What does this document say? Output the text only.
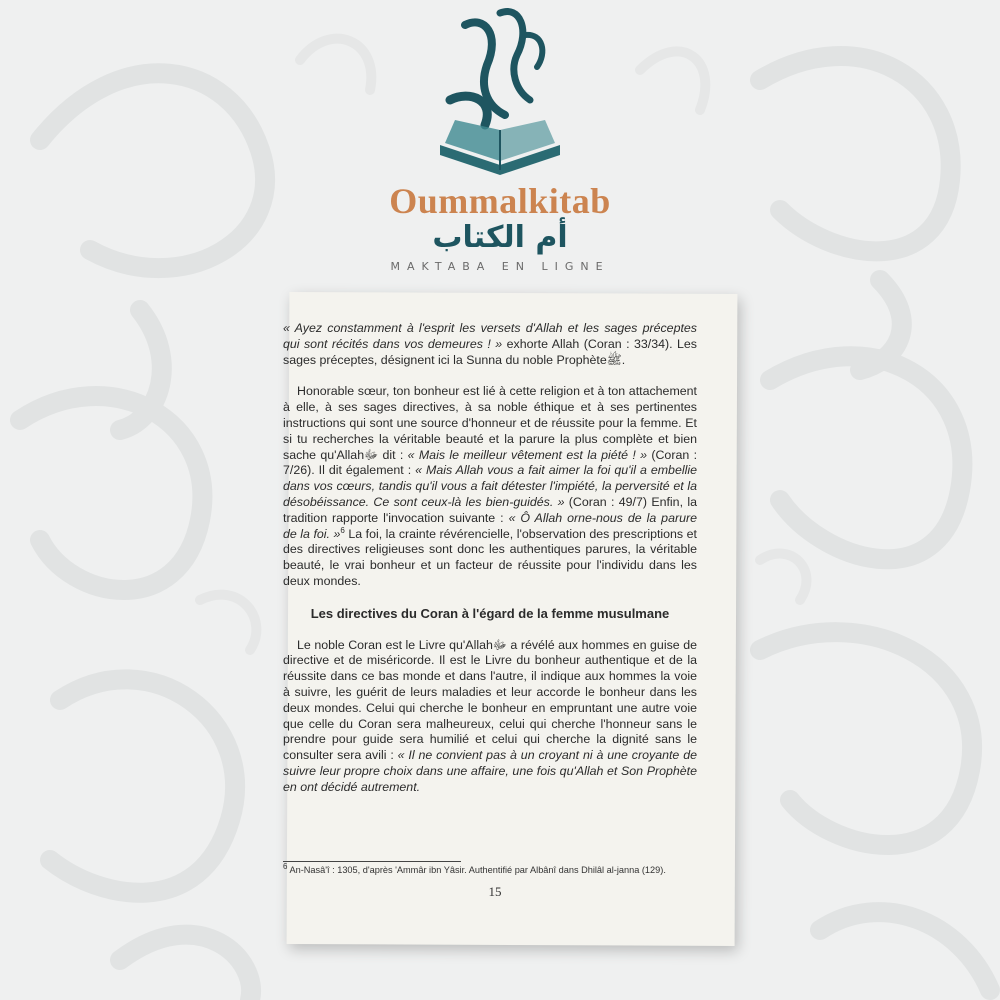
Oummalkitab
أم الكتاب
MAKTABA EN LIGNE

« Ayez constamment à l'esprit les versets d'Allah et les sages préceptes qui sont récités dans vos demeures ! » exhorte Allah (Coran : 33/34). Les sages préceptes, désignent ici la Sunna du noble Prophèteﷺ.

Honorable sœur, ton bonheur est lié à cette religion et à ton attachement à elle, à ses sages directives, à sa noble éthique et à ses pertinentes instructions qui sont une source d'honneur et de réussite pour la femme. Et si tu recherches la véritable beauté et la parure la plus complète et bien sache qu'Allahﷻ dit : « Mais le meilleur vêtement est la piété ! » (Coran : 7/26). Il dit également : « Mais Allah vous a fait aimer la foi qu'il a embellie dans vos cœurs, tandis qu'il vous a fait détester l'impiété, la perversité et la désobéissance. Ce sont ceux-là les bien-guidés. » (Coran : 49/7) Enfin, la tradition rapporte l'invocation suivante : « Ô Allah orne-nous de la parure de la foi. »$^6$ La foi, la crainte révérencielle, l'observation des prescriptions et des directives religieuses sont donc les authentiques parures, la véritable beauté, le vrai bonheur et un facteur de réussite pour l'individu dans les deux mondes.

Les directives du Coran à l'égard de la femme musulmane

Le noble Coran est le Livre qu'Allahﷻ a révélé aux hommes en guise de directive et de miséricorde. Il est le Livre du bonheur authentique et de la réussite dans ce bas monde et dans l'autre, il indique aux hommes la voie à suivre, les guérit de leurs maladies et leur accorde le bonheur dans les deux mondes. Celui qui cherche le bonheur en empruntant une autre voie que celle du Coran sera malheureux, celui qui cherche l'honneur sans le prendre pour guide sera humilié et celui qui cherche la dignité sans le consulter sera avili : « Il ne convient pas à un croyant ni à une croyante de suivre leur propre choix dans une affaire, une fois qu'Allah et Son Prophète en ont décidé autrement.

$^6$ An-Nasâ'î : 1305, d'après 'Ammâr ibn Yâsir. Authentifié par Albânî dans Dhilâl al-janna (129).
15
